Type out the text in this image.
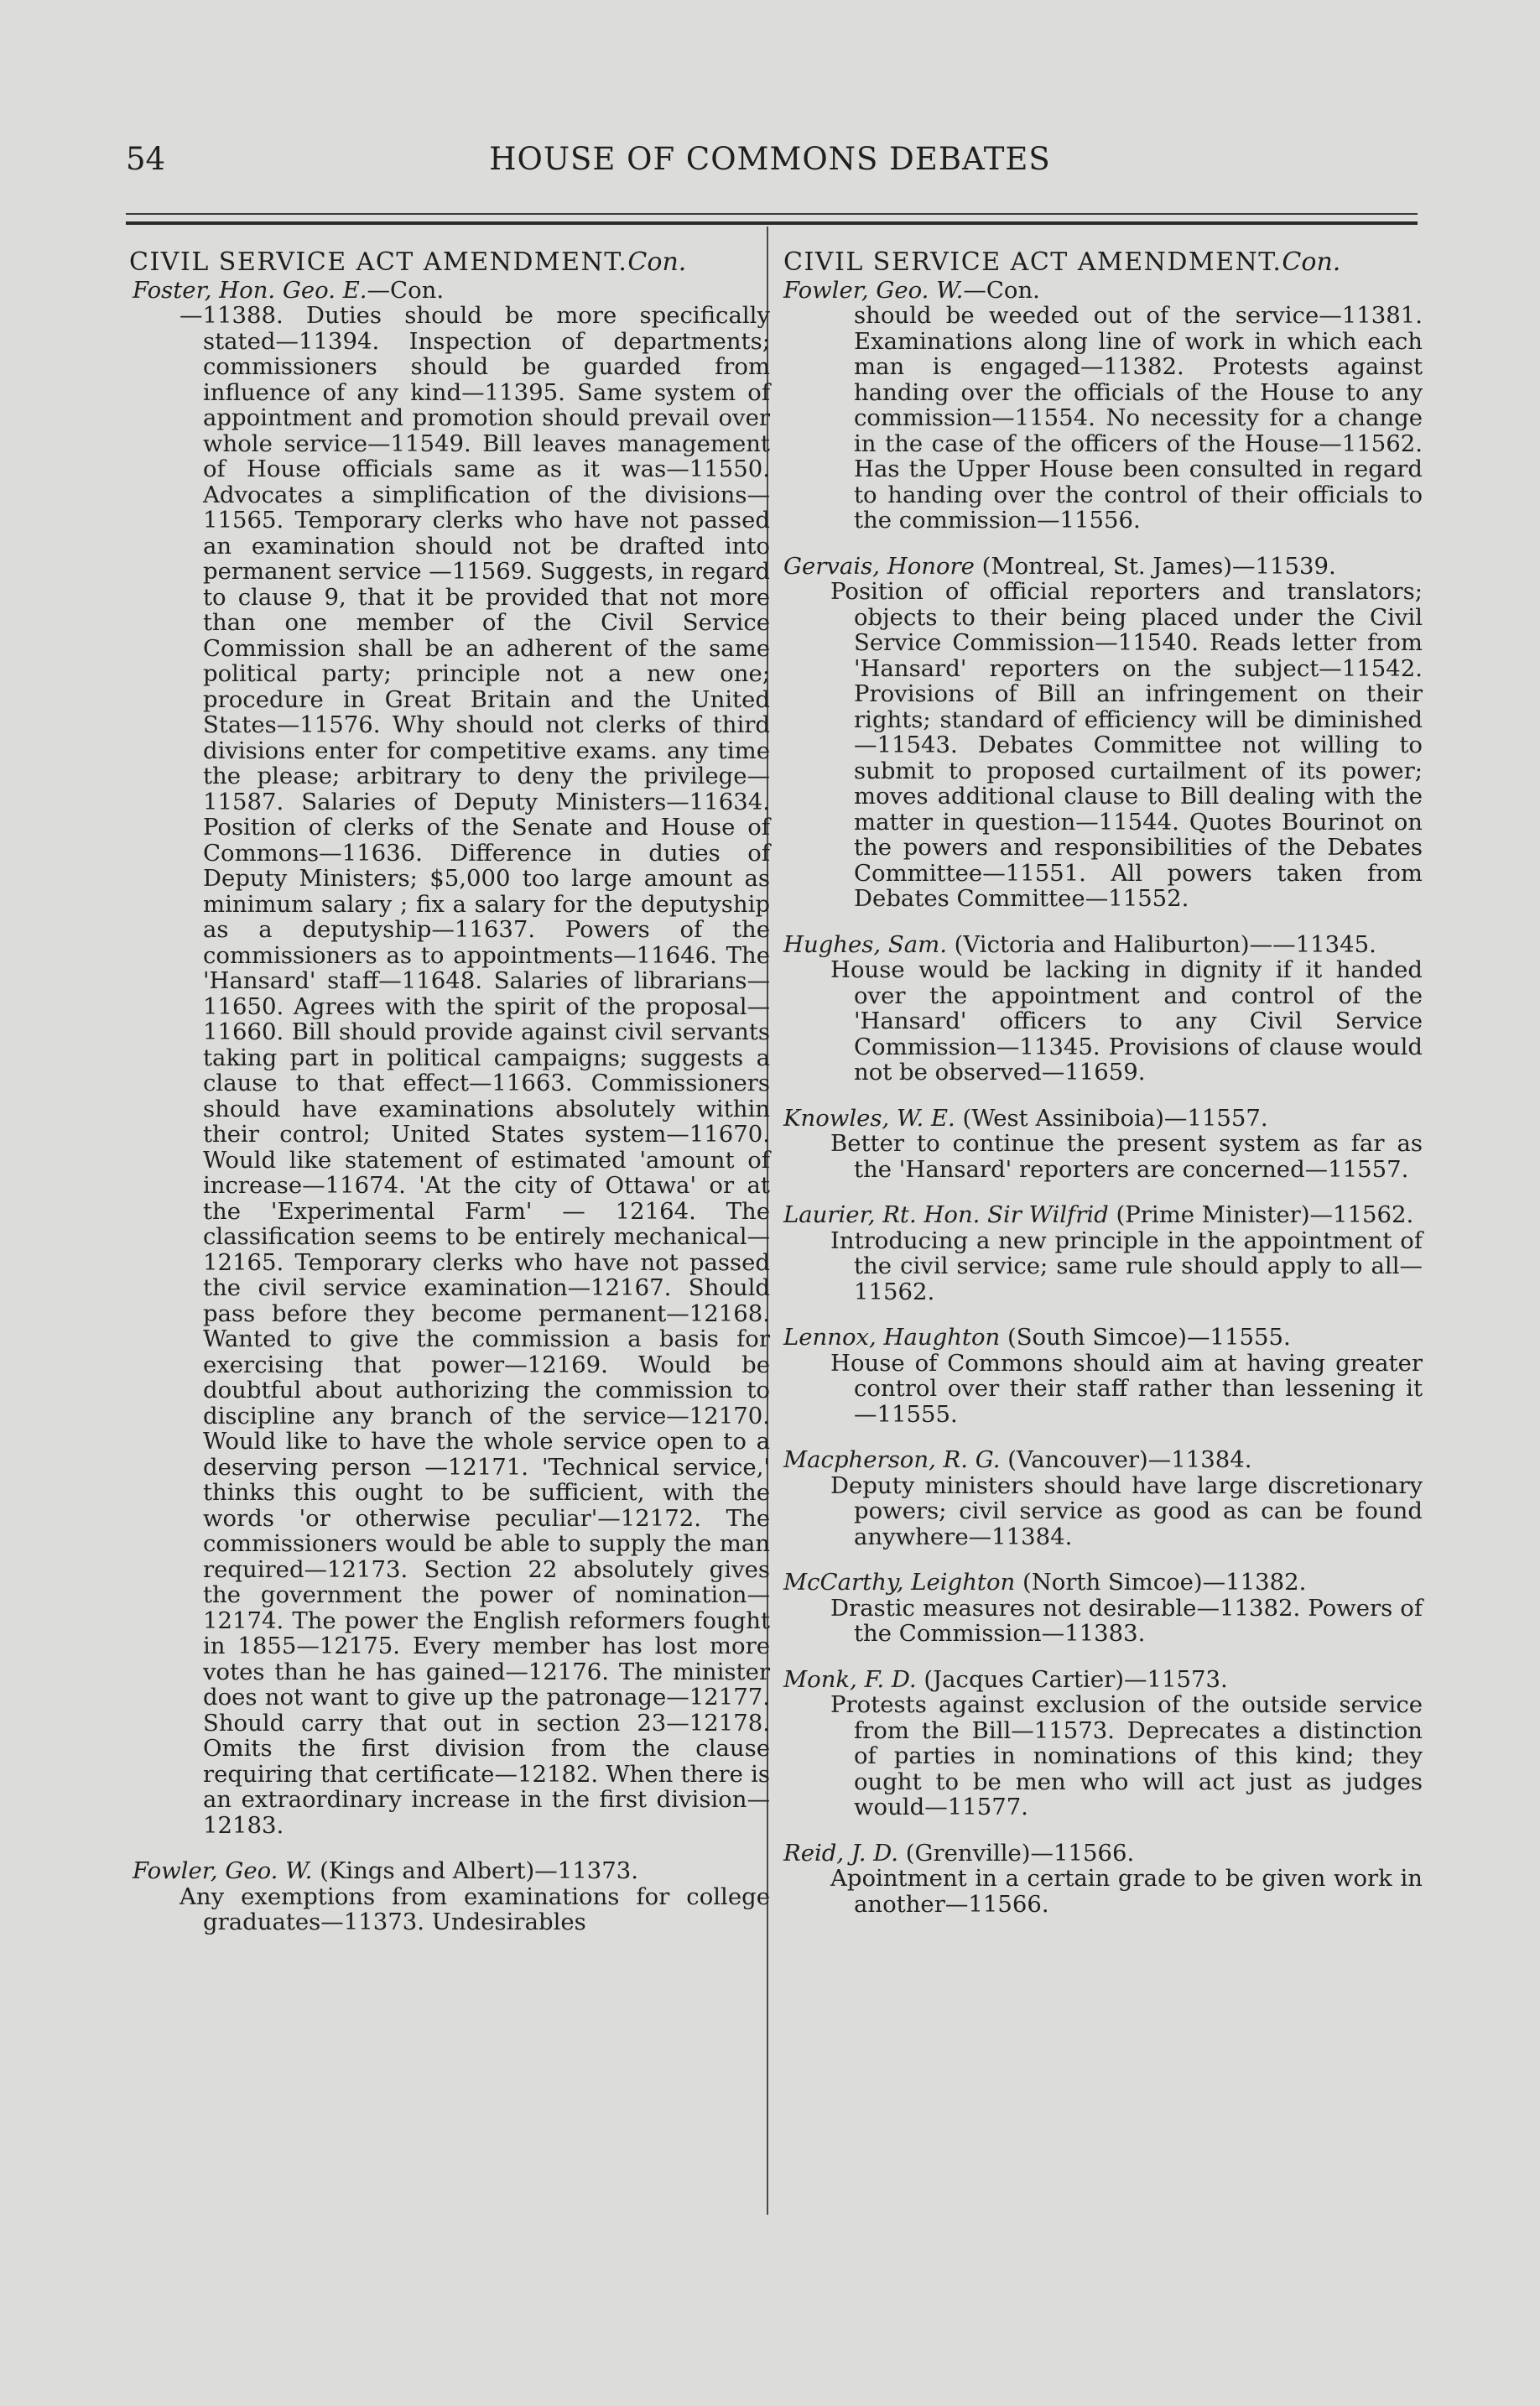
54	HOUSE OF COMMONS DEBATES
CIVIL SERVICE ACT AMENDMENT.Con.
Foster, Hon. Geo. E.—Con.
—11388. Duties should be more specifically stated—11394. Inspection of departments; commissioners should be guarded from influence of any kind—11395. Same system of appointment and promotion should prevail over whole service—11549. Bill leaves management of House officials same as it was—11550. Advocates a simplification of the divisions—11565. Temporary clerks who have not passed an examination should not be drafted into permanent service —11569. Suggests, in regard to clause 9, that it be provided that not more than one member of the Civil Service Commission shall be an adherent of the same political party; principle not a new one; procedure in Great Britain and the United States—11576. Why should not clerks of third divisions enter for competitive exams. any time the please; arbitrary to deny the privilege—11587. Salaries of Deputy Ministers—11634. Position of clerks of the Senate and House of Commons—11636. Difference in duties of Deputy Ministers; $5,000 too large amount as minimum salary ; fix a salary for the deputyship as a deputyship—11637. Powers of the commissioners as to appointments—11646. The 'Hansard' staff—11648. Salaries of librarians—11650. Agrees with the spirit of the proposal—11660. Bill should provide against civil servants taking part in political campaigns; suggests a clause to that effect—11663. Commissioners should have examinations absolutely within their control; United States system—11670. Would like statement of estimated 'amount of increase—11674. 'At the city of Ottawa' or at the 'Experimental Farm' — 12164. The classification seems to be entirely mechanical—12165. Temporary clerks who have not passed the civil service examination—12167. Should pass before they become permanent—12168. Wanted to give the commission a basis for exercising that power—12169. Would be doubtful about authorizing the commission to discipline any branch of the service—12170. Would like to have the whole service open to a deserving person —12171. 'Technical service,' thinks this ought to be sufficient, with the words 'or otherwise peculiar'—12172. The commissioners would be able to supply the man required—12173. Section 22 absolutely gives the government the power of nomination—12174. The power the English reformers fought in 1855—12175. Every member has lost more votes than he has gained—12176. The minister does not want to give up the patronage—12177. Should carry that out in section 23—12178. Omits the first division from the clause requiring that certificate—12182. When there is an extraordinary increase in the first division—12183.
Fowler, Geo. W. (Kings and Albert)—11373.
Any exemptions from examinations for college graduates—11373. Undesirables
CIVIL SERVICE ACT AMENDMENT.Con.
Fowler, Geo. W.—Con.
should be weeded out of the service—11381. Examinations along line of work in which each man is engaged—11382. Protests against handing over the officials of the House to any commission—11554. No necessity for a change in the case of the officers of the House—11562. Has the Upper House been consulted in regard to handing over the control of their officials to the commission—11556.
Gervais, Honore (Montreal, St. James)—11539.
Position of official reporters and translators; objects to their being placed under the Civil Service Commission—11540. Reads letter from 'Hansard' reporters on the subject—11542. Provisions of Bill an infringement on their rights; standard of efficiency will be diminished —11543. Debates Committee not willing to submit to proposed curtailment of its power; moves additional clause to Bill dealing with the matter in question—11544. Quotes Bourinot on the powers and responsibilities of the Debates Committee—11551. All powers taken from Debates Committee—11552.
Hughes, Sam. (Victoria and Haliburton)——11345.
House would be lacking in dignity if it handed over the appointment and control of the 'Hansard' officers to any Civil Service Commission—11345. Provisions of clause would not be observed—11659.
Knowles, W. E. (West Assiniboia)—11557.
Better to continue the present system as far as the 'Hansard' reporters are concerned—11557.
Laurier, Rt. Hon. Sir Wilfrid (Prime Minister)—11562.
Introducing a new principle in the appointment of the civil service; same rule should apply to all—11562.
Lennox, Haughton (South Simcoe)—11555.
House of Commons should aim at having greater control over their staff rather than lessening it—11555.
Macpherson, R. G. (Vancouver)—11384.
Deputy ministers should have large discretionary powers; civil service as good as can be found anywhere—11384.
McCarthy, Leighton (North Simcoe)—11382.
Drastic measures not desirable—11382. Powers of the Commission—11383.
Monk, F. D. (Jacques Cartier)—11573.
Protests against exclusion of the outside service from the Bill—11573. Deprecates a distinction of parties in nominations of this kind; they ought to be men who will act just as judges would—11577.
Reid, J. D. (Grenville)—11566.
Apointment in a certain grade to be given work in another—11566.
